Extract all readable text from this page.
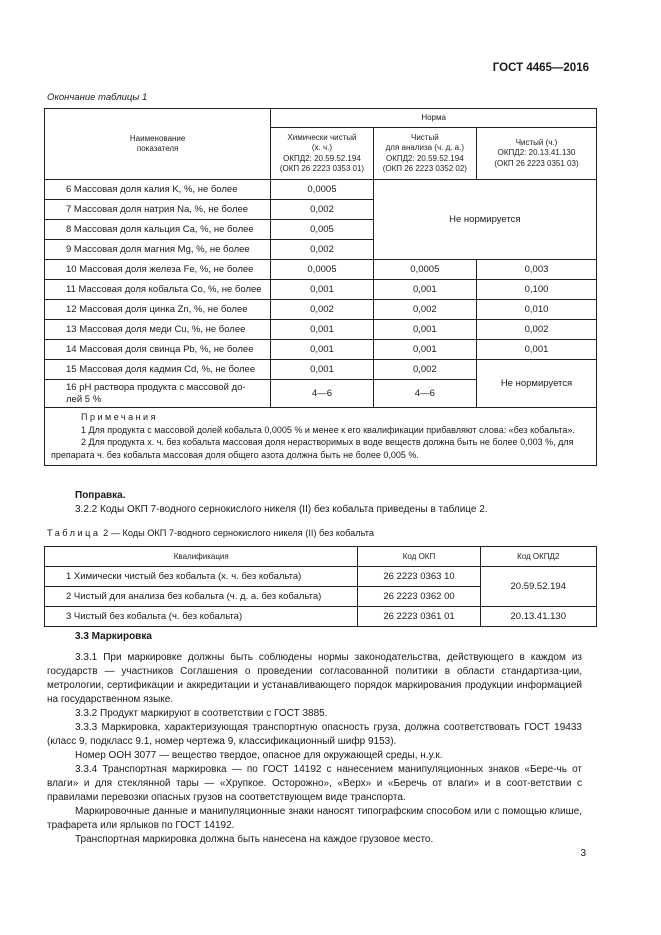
ГОСТ 4465—2016
Окончание таблицы 1
Наименование
показателя	Норма		
	Химически чистый
(х. ч.)
ОКПД2: 20.59.52.194
(ОКП 26 2223 0353 01)	Чистый
для анализа (ч. д. а.)
ОКПД2: 20.59.52.194
(ОКП 26 2223 0352 02)	Чистый (ч.)
ОКПД2: 20.13.41.130
(ОКП 26 2223 0351 03)
6 Массовая доля калия K, %, не более	0,0005	Не нормируется	
7 Массовая доля натрия Na, %, не более	0,002		
8 Массовая доля кальция Ca, %, не более	0,005		
9 Массовая доля магния Mg, %, не более	0,002		
10 Массовая доля железа Fe, %, не более	0,0005	0,0005	0,003
11 Массовая доля кобальта Co, %, не более	0,001	0,001	0,100
12 Массовая доля цинка Zn, %, не более	0,002	0,002	0,010
13 Массовая доля меди Cu, %, не более	0,001	0,001	0,002
14 Массовая доля свинца Pb, %, не более	0,001	0,001	0,001
15 Массовая доля кадмия Cd, %, не более	0,001	0,002	Не нормируется
16 pH раствора продукта с массовой до-
лей 5 %	4—6	4—6	

Примечания
1 Для продукта с массовой долей кобальта 0,0005 % и менее к его квалификации прибавляют слова: «без кобальта».
2 Для продукта х. ч. без кобальта массовая доля нерастворимых в воде веществ должна быть не более 0,003 %, для препарата ч. без кобальта массовая доля общего азота должна быть не более 0,005 %.			
Поправка.
3.2.2 Коды ОКП 7-водного сернокислого никеля (II) без кобальта приведены в таблице 2.
Таблица 2 — Коды ОКП 7-водного сернокислого никеля (II) без кобальта
Квалификация	Код ОКП	Код ОКПД2
1 Химически чистый без кобальта (х. ч. без кобальта)	26 2223 0363 10	20.59.52.194
2 Чистый для анализа без кобальта (ч. д. а. без кобальта)	26 2223 0362 00	
3 Чистый без кобальта (ч. без кобальта)	26 2223 0361 01	20.13.41.130
3.3 Маркировка

3.3.1 При маркировке должны быть соблюдены нормы законодательства, действующего в каждом из государств — участников Соглашения о проведении согласованной политики в области стандартиза-ции, метрологии, сертификации и аккредитации и устанавливающего порядок маркирования продукции информацией на государственном языке.

3.3.2 Продукт маркируют в соответствии с ГОСТ 3885.

3.3.3 Маркировка, характеризующая транспортную опасность груза, должна соответствовать ГОСТ 19433 (класс 9, подкласс 9.1, номер чертежа 9, классификационный шифр 9153).

Номер ООН 3077 — вещество твердое, опасное для окружающей среды, н.у.к.

3.3.4 Транспортная маркировка — по ГОСТ 14192 с нанесением манипуляционных знаков «Бере-чь от влаги» и для стеклянной тары — «Хрупкое. Осторожно», «Верх» и «Беречь от влаги» и в соот-ветствии с правилами перевозки опасных грузов на соответствующем виде транспорта.

Маркировочные данные и манипуляционные знаки наносят типографским способом или с помощью клише, трафарета или ярлыков по ГОСТ 14192.

Транспортная маркировка должна быть нанесена на каждое грузовое место.

3
